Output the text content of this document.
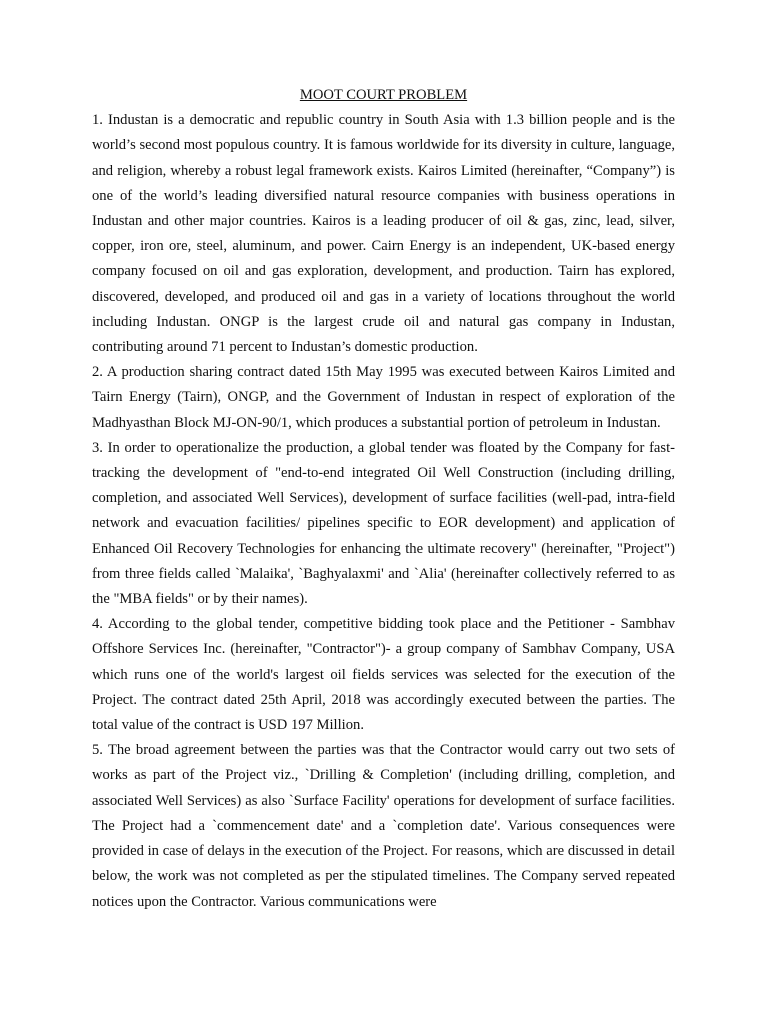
MOOT COURT PROBLEM

1. Industan is a democratic and republic country in South Asia with 1.3 billion people and is the world’s second most populous country. It is famous worldwide for its diversity in culture, language, and religion, whereby a robust legal framework exists. Kairos Limited (hereinafter, “Company”) is one of the world’s leading diversified natural resource companies with business operations in Industan and other major countries. Kairos is a leading producer of oil & gas, zinc, lead, silver, copper, iron ore, steel, aluminum, and power. Cairn Energy is an independent, UK-based energy company focused on oil and gas exploration, development, and production. Tairn has explored, discovered, developed, and produced oil and gas in a variety of locations throughout the world including Industan. ONGP is the largest crude oil and natural gas company in Industan, contributing around 71 percent to Industan’s domestic production.

2. A production sharing contract dated 15th May 1995 was executed between Kairos Limited and Tairn Energy (Tairn), ONGP, and the Government of Industan in respect of exploration of the Madhyasthan Block MJ-ON-90/1, which produces a substantial portion of petroleum in Industan.

3. In order to operationalize the production, a global tender was floated by the Company for fast-tracking the development of "end-to-end integrated Oil Well Construction (including drilling, completion, and associated Well Services), development of surface facilities (well-pad, intra-field network and evacuation facilities/ pipelines specific to EOR development) and application of Enhanced Oil Recovery Technologies for enhancing the ultimate recovery" (hereinafter, "Project") from three fields called `Malaika', `Baghyalaxmi' and `Alia' (hereinafter collectively referred to as the "MBA fields" or by their names).

4. According to the global tender, competitive bidding took place and the Petitioner - Sambhav Offshore Services Inc. (hereinafter, "Contractor")- a group company of Sambhav Company, USA which runs one of the world's largest oil fields services was selected for the execution of the Project. The contract dated 25th April, 2018 was accordingly executed between the parties. The total value of the contract is USD 197 Million.

5. The broad agreement between the parties was that the Contractor would carry out two sets of works as part of the Project viz., `Drilling & Completion' (including drilling, completion, and associated Well Services) as also `Surface Facility' operations for development of surface facilities. The Project had a `commencement date' and a `completion date'. Various consequences were provided in case of delays in the execution of the Project. For reasons, which are discussed in detail below, the work was not completed as per the stipulated timelines. The Company served repeated notices upon the Contractor. Various communications were
